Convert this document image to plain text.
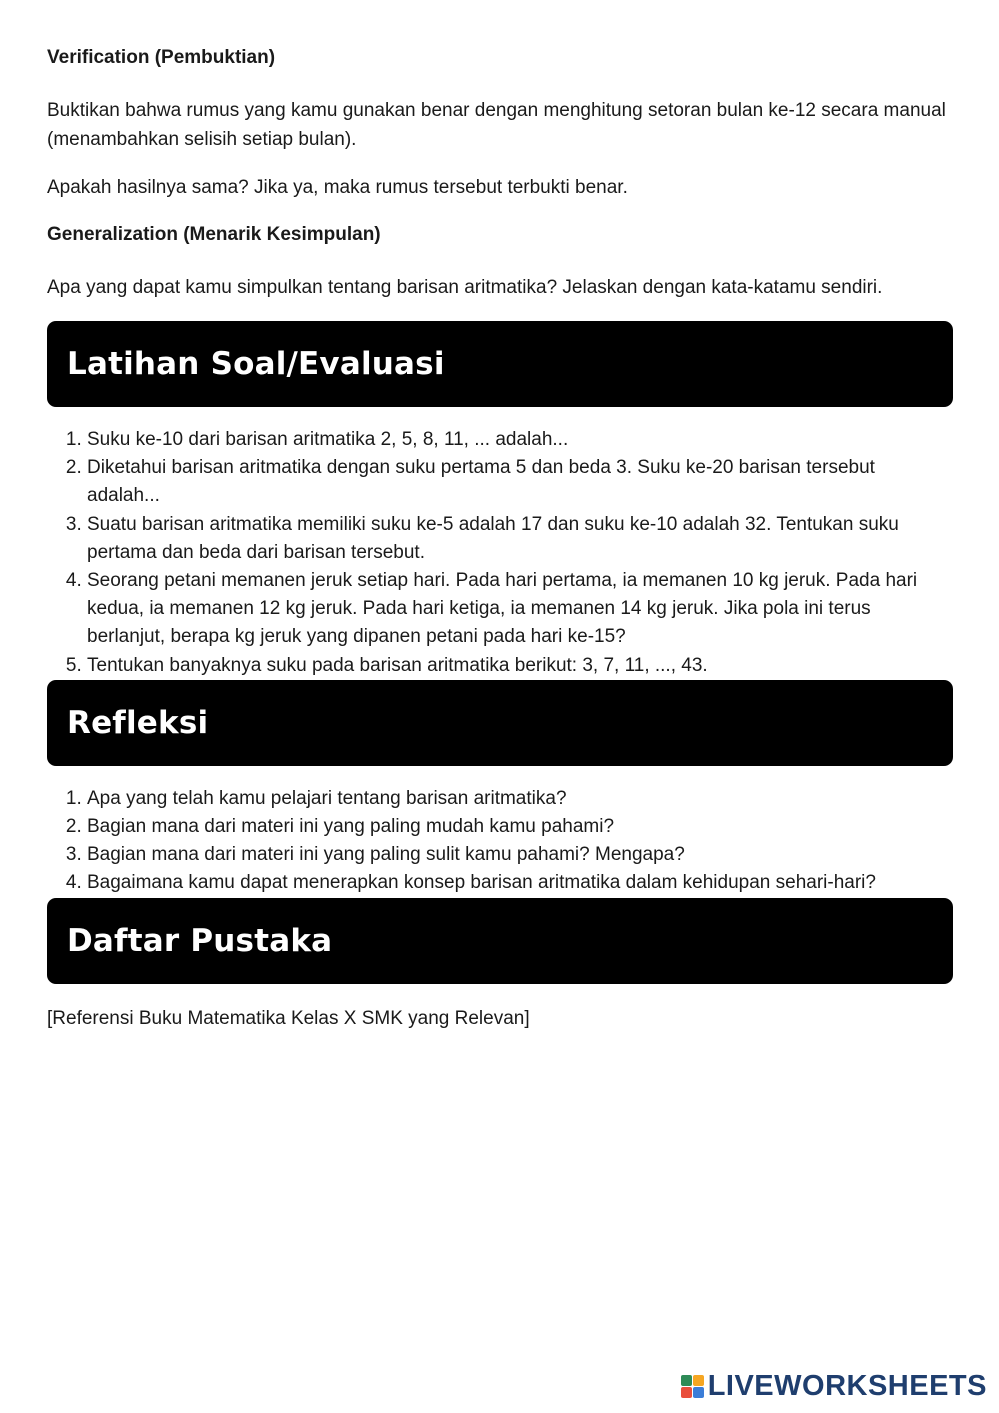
Verification (Pembuktian)

Buktikan bahwa rumus yang kamu gunakan benar dengan menghitung setoran bulan ke-12 secara manual (menambahkan selisih setiap bulan).

Apakah hasilnya sama? Jika ya, maka rumus tersebut terbukti benar.

Generalization (Menarik Kesimpulan)

Apa yang dapat kamu simpulkan tentang barisan aritmatika? Jelaskan dengan kata-katamu sendiri.

Latihan Soal/Evaluasi
1. Suku ke-10 dari barisan aritmatika 2, 5, 8, 11, ... adalah...
2. Diketahui barisan aritmatika dengan suku pertama 5 dan beda 3. Suku ke-20 barisan tersebut adalah...
3. Suatu barisan aritmatika memiliki suku ke-5 adalah 17 dan suku ke-10 adalah 32. Tentukan suku pertama dan beda dari barisan tersebut.
4. Seorang petani memanen jeruk setiap hari. Pada hari pertama, ia memanen 10 kg jeruk. Pada hari kedua, ia memanen 12 kg jeruk. Pada hari ketiga, ia memanen 14 kg jeruk. Jika pola ini terus berlanjut, berapa kg jeruk yang dipanen petani pada hari ke-15?
5. Tentukan banyaknya suku pada barisan aritmatika berikut: 3, 7, 11, ..., 43.
Refleksi
1. Apa yang telah kamu pelajari tentang barisan aritmatika?
2. Bagian mana dari materi ini yang paling mudah kamu pahami?
3. Bagian mana dari materi ini yang paling sulit kamu pahami? Mengapa?
4. Bagaimana kamu dapat menerapkan konsep barisan aritmatika dalam kehidupan sehari-hari?
Daftar Pustaka
[Referensi Buku Matematika Kelas X SMK yang Relevan]
LIVEWORKSHEETS
